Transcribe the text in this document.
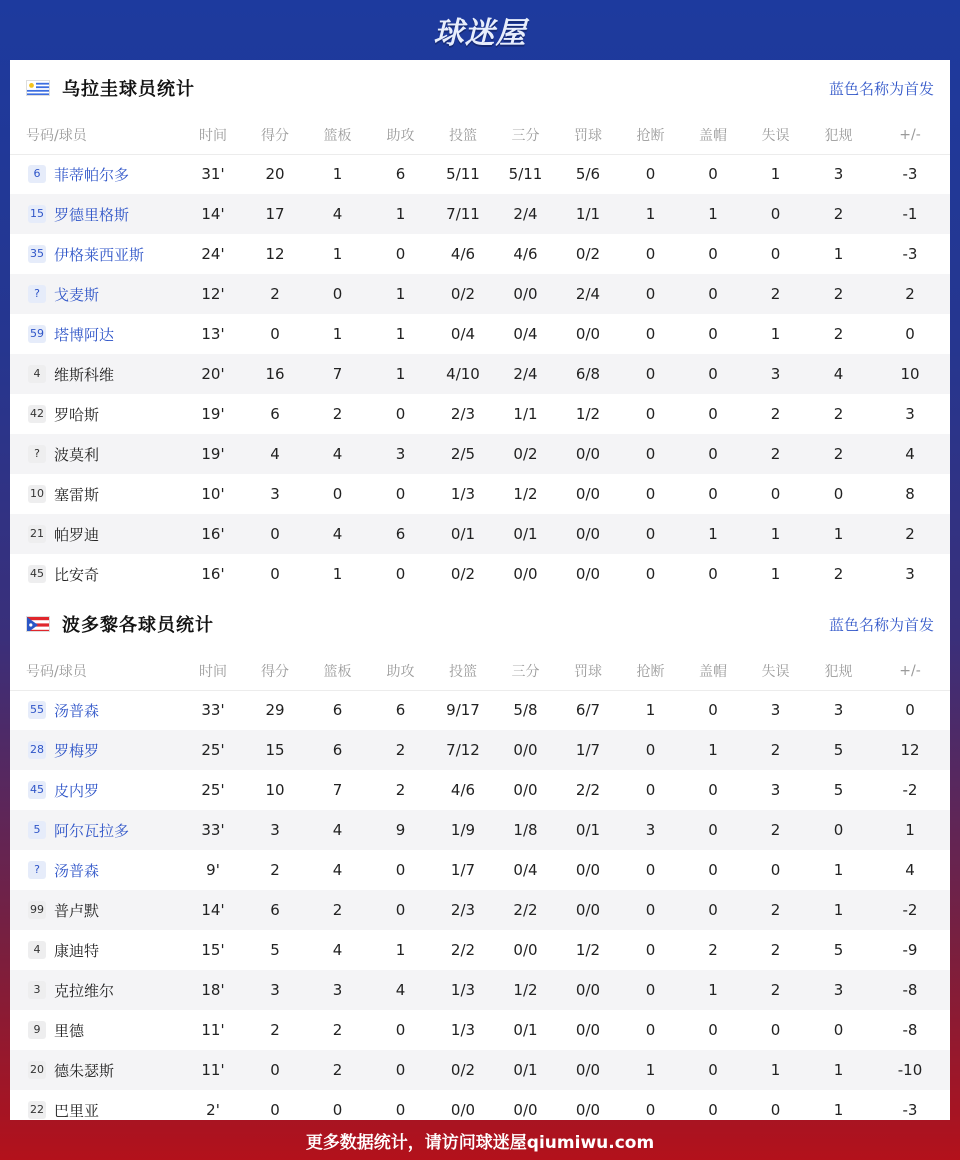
球迷屋
乌拉圭球员统计	蓝色名称为首发
号码/球员	时间	得分	篮板	助攻	投篮	三分	罚球	抢断	盖帽	失误	犯规	+/-
6 菲蒂帕尔多	31'	20	1	6	5/11	5/11	5/6	0	0	1	3	-3
15 罗德里格斯	14'	17	4	1	7/11	2/4	1/1	1	1	0	2	-1
35 伊格莱西亚斯	24'	12	1	0	4/6	4/6	0/2	0	0	0	1	-3
? 戈麦斯	12'	2	0	1	0/2	0/0	2/4	0	0	2	2	2
59 塔博阿达	13'	0	1	1	0/4	0/4	0/0	0	0	1	2	0
4 维斯科维	20'	16	7	1	4/10	2/4	6/8	0	0	3	4	10
42 罗哈斯	19'	6	2	0	2/3	1/1	1/2	0	0	2	2	3
? 波莫利	19'	4	4	3	2/5	0/2	0/0	0	0	2	2	4
10 塞雷斯	10'	3	0	0	1/3	1/2	0/0	0	0	0	0	8
21 帕罗迪	16'	0	4	6	0/1	0/1	0/0	0	1	1	1	2
45 比安奇	16'	0	1	0	0/2	0/0	0/0	0	0	1	2	3
波多黎各球员统计	蓝色名称为首发
号码/球员	时间	得分	篮板	助攻	投篮	三分	罚球	抢断	盖帽	失误	犯规	+/-
55 汤普森	33'	29	6	6	9/17	5/8	6/7	1	0	3	3	0
28 罗梅罗	25'	15	6	2	7/12	0/0	1/7	0	1	2	5	12
45 皮内罗	25'	10	7	2	4/6	0/0	2/2	0	0	3	5	-2
5 阿尔瓦拉多	33'	3	4	9	1/9	1/8	0/1	3	0	2	0	1
? 汤普森	9'	2	4	0	1/7	0/4	0/0	0	0	0	1	4
99 普卢默	14'	6	2	0	2/3	2/2	0/0	0	0	2	1	-2
4 康迪特	15'	5	4	1	2/2	0/0	1/2	0	2	2	5	-9
3 克拉维尔	18'	3	3	4	1/3	1/2	0/0	0	1	2	3	-8
9 里德	11'	2	2	0	1/3	0/1	0/0	0	0	0	0	-8
20 德朱瑟斯	11'	0	2	0	0/2	0/1	0/0	1	0	1	1	-10
22 巴里亚	2'	0	0	0	0/0	0/0	0/0	0	0	0	1	-3
更多数据统计，请访问球迷屋qiumiwu.com
